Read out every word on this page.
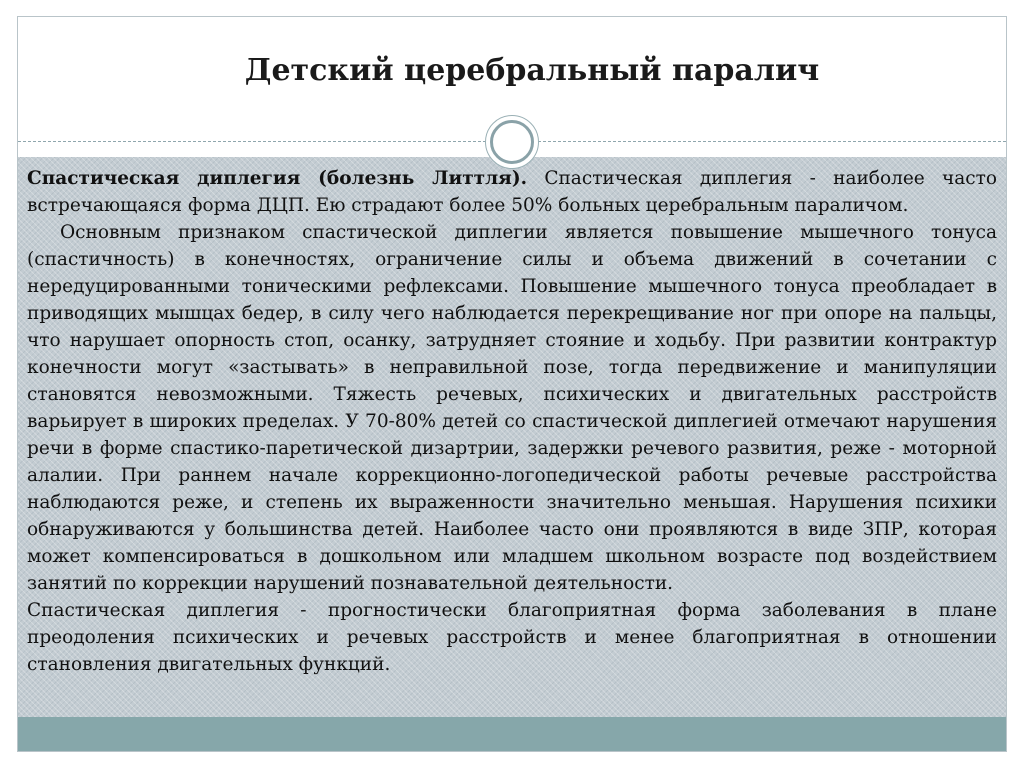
Детский церебральный паралич

Спастическая диплегия (болезнь Литтля). Спастическая диплегия - наиболее часто встречающаяся форма ДЦП. Ею страдают более 50% больных церебральным параличом.

Основным признаком спастической диплегии является повышение мышечного тонуса (спастичность) в конечностях, ограничение силы и объема движений в сочетании с нередуцированными тоническими рефлексами. Повышение мышечного тонуса преобладает в приводящих мышцах бедер, в силу чего наблюдается перекрещивание ног при опоре на пальцы, что нарушает опорность стоп, осанку, затрудняет стояние и ходьбу. При развитии контрактур конечности могут «застывать» в неправильной позе, тогда передвижение и манипуляции становятся невозможными. Тяжесть речевых, психических и двигательных расстройств варьирует в широких пределах. У 70-80% детей со спастической диплегией отмечают нарушения речи в форме спастико-паретической дизартрии, задержки речевого развития, реже - моторной алалии. При раннем начале коррекционно-логопедической работы речевые расстройства наблюдаются реже, и степень их выраженности значительно меньшая. Нарушения психики обнаруживаются у большинства детей. Наиболее часто они проявляются в виде ЗПР, которая может компенсироваться в дошкольном или младшем школьном возрасте под воздействием занятий по коррекции нарушений познавательной деятельности.

Спастическая диплегия - прогностически благоприятная форма заболевания в плане преодоления психических и речевых расстройств и менее благоприятная в отношении становления двигательных функций.
